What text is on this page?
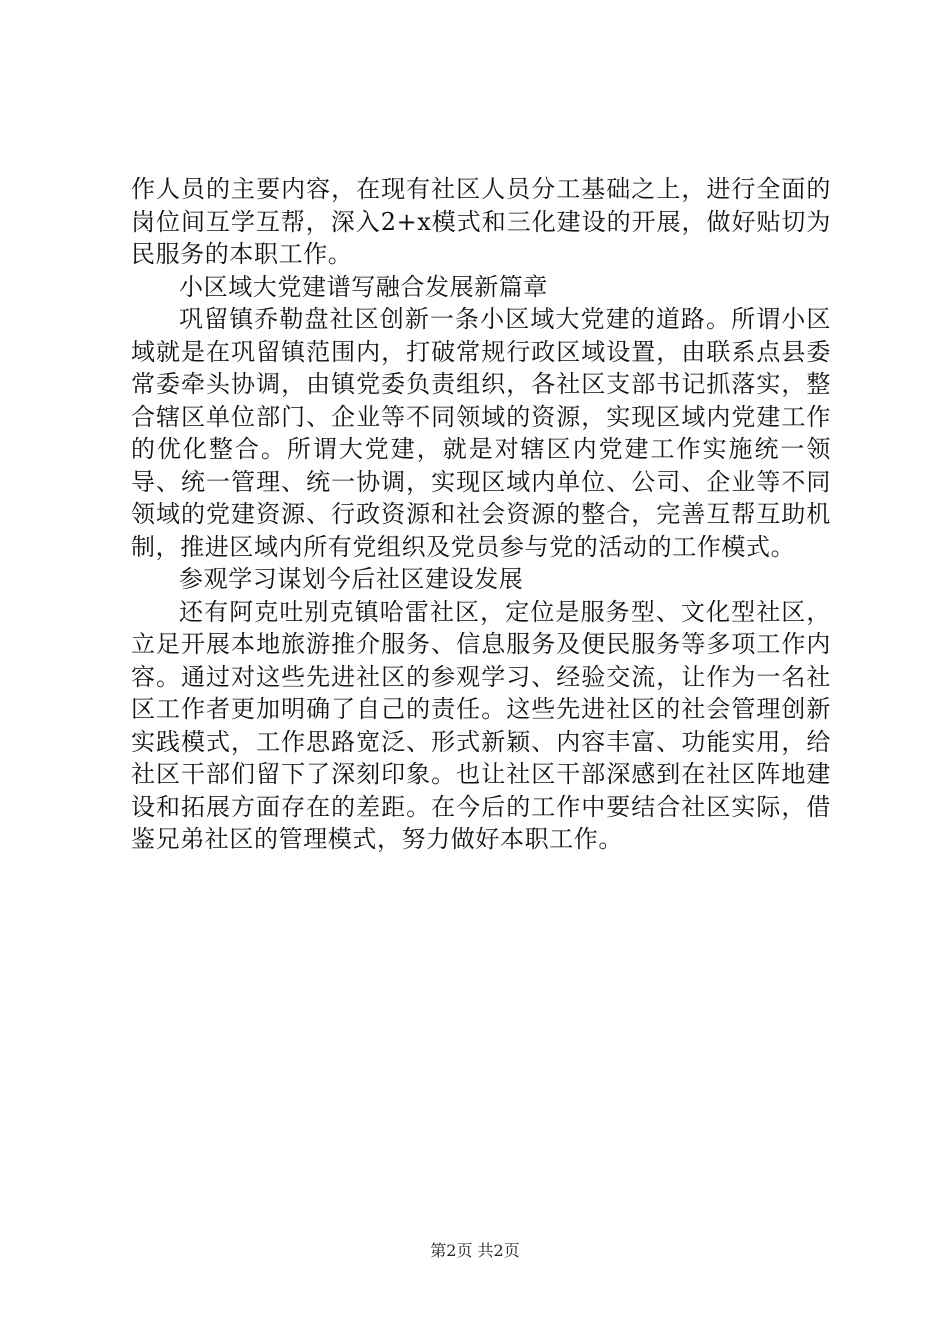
作人员的主要内容，在现有社区人员分工基础之上，进行全面的岗位间互学互帮，深入2+x模式和三化建设的开展，做好贴切为民服务的本职工作。

小区域大党建谱写融合发展新篇章

巩留镇乔勒盘社区创新一条小区域大党建的道路。所谓小区域就是在巩留镇范围内，打破常规行政区域设置，由联系点县委常委牵头协调，由镇党委负责组织，各社区支部书记抓落实，整合辖区单位部门、企业等不同领域的资源，实现区域内党建工作的优化整合。所谓大党建，就是对辖区内党建工作实施统一领导、统一管理、统一协调，实现区域内单位、公司、企业等不同领域的党建资源、行政资源和社会资源的整合，完善互帮互助机制，推进区域内所有党组织及党员参与党的活动的工作模式。

参观学习谋划今后社区建设发展

还有阿克吐别克镇哈雷社区，定位是服务型、文化型社区，立足开展本地旅游推介服务、信息服务及便民服务等多项工作内容。通过对这些先进社区的参观学习、经验交流，让作为一名社区工作者更加明确了自己的责任。这些先进社区的社会管理创新实践模式，工作思路宽泛、形式新颖、内容丰富、功能实用，给社区干部们留下了深刻印象。也让社区干部深感到在社区阵地建设和拓展方面存在的差距。在今后的工作中要结合社区实际，借鉴兄弟社区的管理模式，努力做好本职工作。

第2页 共2页
